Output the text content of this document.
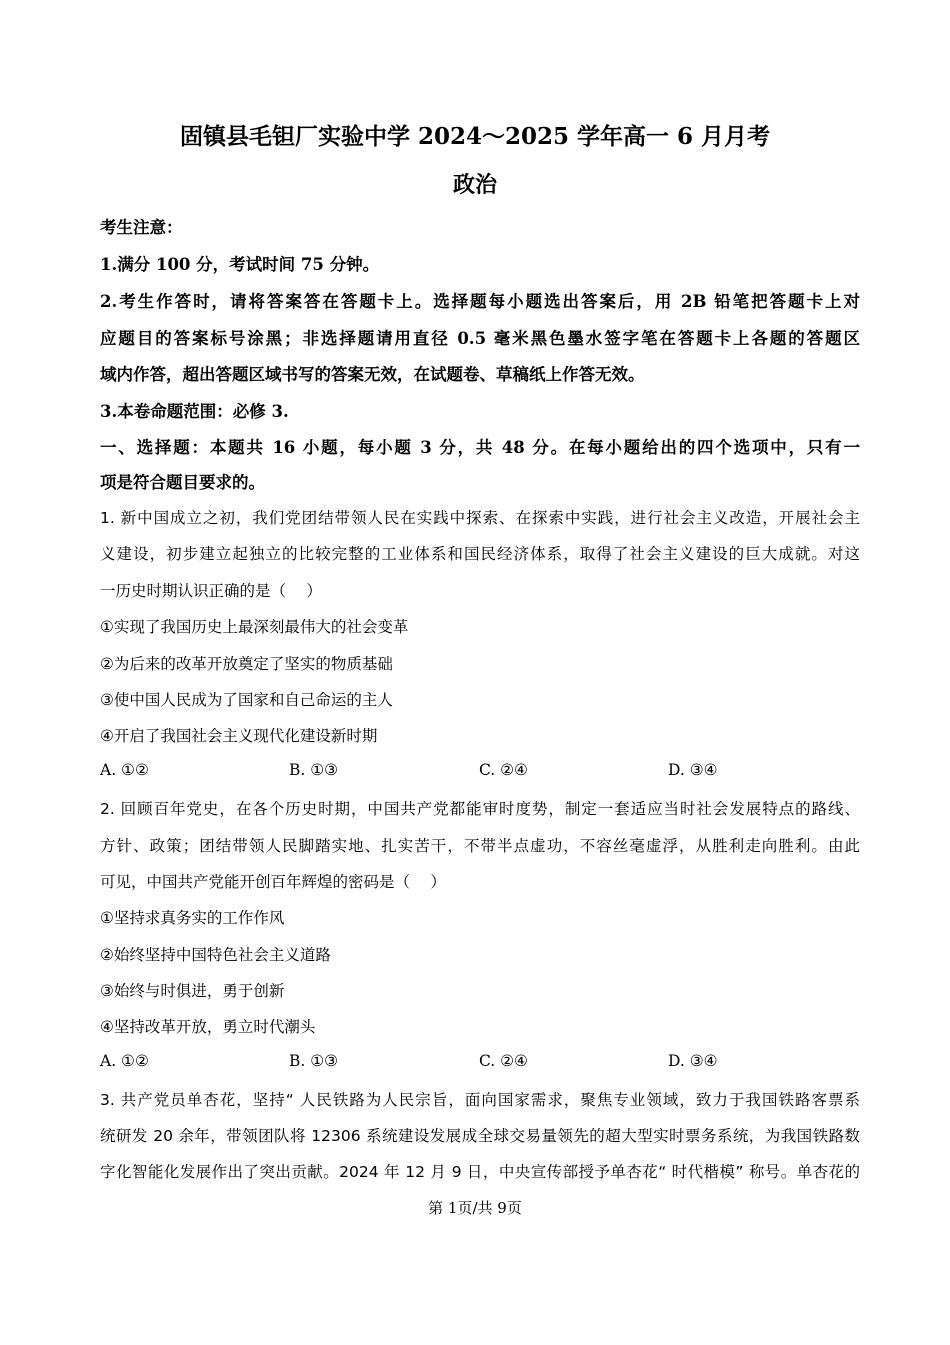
固镇县毛钽厂实验中学 2024～2025 学年高一 6 月月考
政治
考生注意：
1.满分 100 分，考试时间 75 分钟。
2.考生作答时，请将答案答在答题卡上。选择题每小题选出答案后，用 2B 铅笔把答题卡上对
应题目的答案标号涂黑；非选择题请用直径 0.5 毫米黑色墨水签字笔在答题卡上各题的答题区
域内作答，超出答题区域书写的答案无效，在试题卷、草稿纸上作答无效。
3.本卷命题范围：必修 3.
一、选择题：本题共 16 小题，每小题 3 分，共 48 分。在每小题给出的四个选项中，只有一
项是符合题目要求的。
1. 新中国成立之初，我们党团结带领人民在实践中探索、在探索中实践，进行社会主义改造，开展社会主
义建设，初步建立起独立的比较完整的工业体系和国民经济体系，取得了社会主义建设的巨大成就。对这
一历史时期认识正确的是（　 ）
①实现了我国历史上最深刻最伟大的社会变革
②为后来的改革开放奠定了坚实的物质基础
③使中国人民成为了国家和自己命运的主人
④开启了我国社会主义现代化建设新时期
A. ①②	B. ①③	C. ②④	D. ③④
2. 回顾百年党史，在各个历史时期，中国共产党都能审时度势，制定一套适应当时社会发展特点的路线、
方针、政策；团结带领人民脚踏实地、扎实苦干，不带半点虚功，不容丝毫虚浮，从胜利走向胜利。由此
可见，中国共产党能开创百年辉煌的密码是（　 ）
①坚持求真务实的工作作风
②始终坚持中国特色社会主义道路
③始终与时俱进，勇于创新
④坚持改革开放，勇立时代潮头
A. ①②	B. ①③	C. ②④	D. ③④
3. 共产党员单杏花，坚持“ 人民铁路为人民宗旨，面向国家需求，聚焦专业领域，致力于我国铁路客票系
统研发 20 余年，带领团队将 12306 系统建设发展成全球交易量领先的超大型实时票务系统，为我国铁路数
字化智能化发展作出了突出贡献。2024 年 12 月 9 日，中央宣传部授予单杏花“ 时代楷模” 称号。单杏花的
第 1页/共 9页
